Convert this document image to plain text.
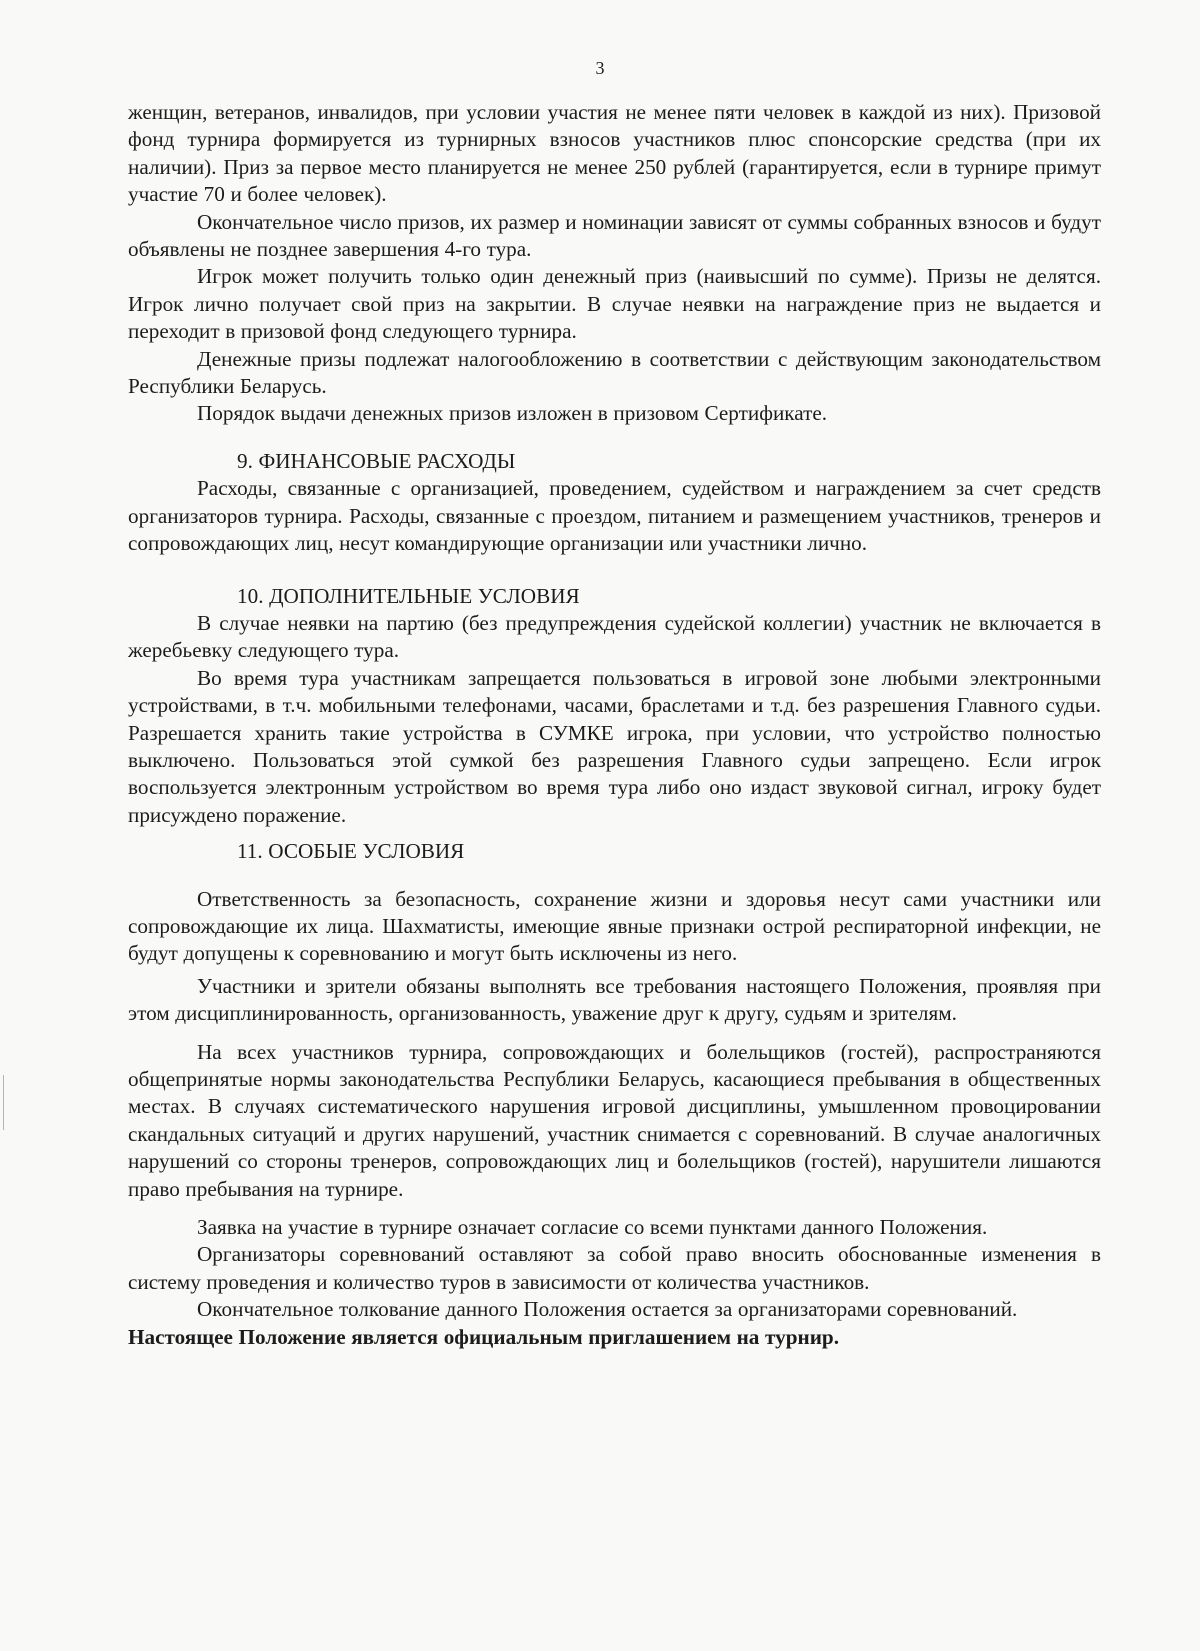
3

женщин, ветеранов, инвалидов, при условии участия не менее пяти человек в каждой из них). Призовой фонд турнира формируется из турнирных взносов участников плюс спонсорские средства (при их наличии). Приз за первое место планируется не менее 250 рублей (гарантируется, если в турнире примут участие 70 и более человек).

Окончательное число призов, их размер и номинации зависят от суммы собранных взносов и будут объявлены не позднее завершения 4-го тура.

Игрок может получить только один денежный приз (наивысший по сумме). Призы не делятся. Игрок лично получает свой приз на закрытии. В случае неявки на награждение приз не выдается и переходит в призовой фонд следующего турнира.

Денежные призы подлежат налогообложению в соответствии с действующим законодательством Республики Беларусь.

Порядок выдачи денежных призов изложен в призовом Сертификате.

9. ФИНАНСОВЫЕ РАСХОДЫ

Расходы, связанные с организацией, проведением, судейством и награждением за счет средств организаторов турнира. Расходы, связанные с проездом, питанием и размещением участников, тренеров и сопровождающих лиц, несут командирующие организации или участники лично.

10. ДОПОЛНИТЕЛЬНЫЕ УСЛОВИЯ

В случае неявки на партию (без предупреждения судейской коллегии) участник не включается в жеребьевку следующего тура.

Во время тура участникам запрещается пользоваться в игровой зоне любыми электронными устройствами, в т.ч. мобильными телефонами, часами, браслетами и т.д. без разрешения Главного судьи. Разрешается хранить такие устройства в СУМКЕ игрока, при условии, что устройство полностью выключено. Пользоваться этой сумкой без разрешения Главного судьи запрещено. Если игрок воспользуется электронным устройством во время тура либо оно издаст звуковой сигнал, игроку будет присуждено поражение.

11. ОСОБЫЕ УСЛОВИЯ

Ответственность за безопасность, сохранение жизни и здоровья несут сами участники или сопровождающие их лица. Шахматисты, имеющие явные признаки острой респираторной инфекции, не будут допущены к соревнованию и могут быть исключены из него.

Участники и зрители обязаны выполнять все требования настоящего Положения, проявляя при этом дисциплинированность, организованность, уважение друг к другу, судьям и зрителям.

На всех участников турнира, сопровождающих и болельщиков (гостей), распространяются общепринятые нормы законодательства Республики Беларусь, касающиеся пребывания в общественных местах. В случаях систематического нарушения игровой дисциплины, умышленном провоцировании скандальных ситуаций и других нарушений, участник снимается с соревнований. В случае аналогичных нарушений со стороны тренеров, сопровождающих лиц и болельщиков (гостей), нарушители лишаются право пребывания на турнире.

Заявка на участие в турнире означает согласие со всеми пунктами данного Положения.

Организаторы соревнований оставляют за собой право вносить обоснованные изменения в систему проведения и количество туров в зависимости от количества участников.

Окончательное толкование данного Положения остается за организаторами соревнований.

Настоящее Положение является официальным приглашением на турнир.
